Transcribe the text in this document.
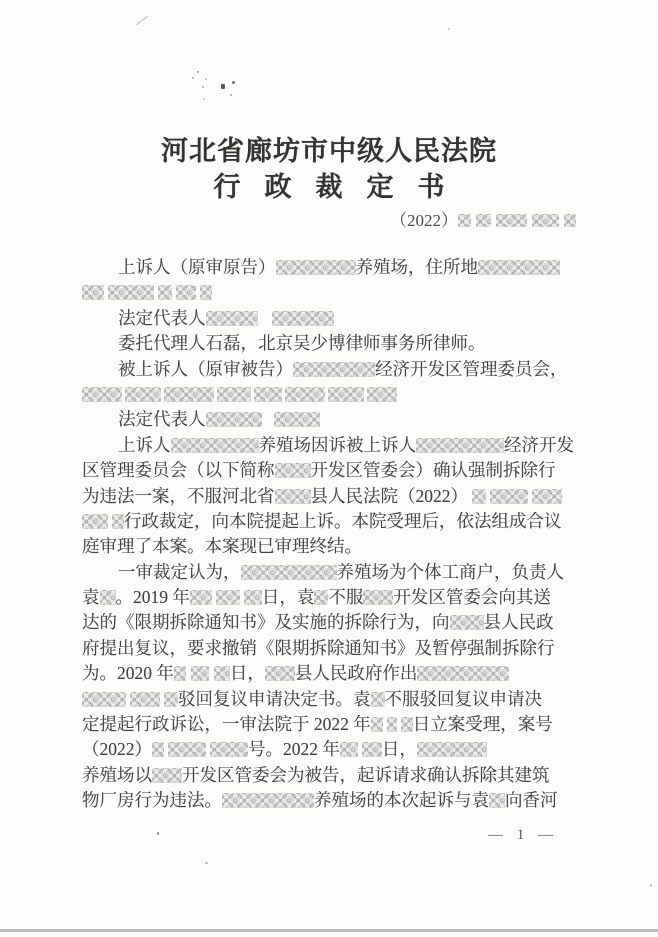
河北省廊坊市中级人民法院
行政裁定书
（2022）
上诉人（原审原告）	养殖场，住所地
法定代表人
委托代理人石磊，北京吴少博律师事务所律师。
被上诉人（原审被告）	经济开发区管理委员会，
法定代表人
上诉人	养殖场因诉被上诉人	经济开发
区管理委员会（以下简称 开发区管委会）确认强制拆除行
为违法一案，不服河北省 县人民法院（2022）
行政裁定，向本院提起上诉。本院受理后，依法组成合议
庭审理了本案。本案现已审理终结。
一审裁定认为，	养殖场为个体工商户，负责人
袁 。2019 年	日，袁 不服 开发区管委会向其送
达的《限期拆除通知书》及实施的拆除行为，向 县人民政
府提出复议，要求撤销《限期拆除通知书》及暂停强制拆除行
为。2020 年	日， 县人民政府作出
驳回复议申请决定书。袁 不服驳回复议申请决
定提起行政诉讼，一审法院于 2022 年 日立案受理，案号
（2022）	号。2022 年 日，
养殖场以 开发区管委会为被告，起诉请求确认拆除其建筑
物厂房行为违法。	养殖场的本次起诉与袁 向香河
— 1 —
